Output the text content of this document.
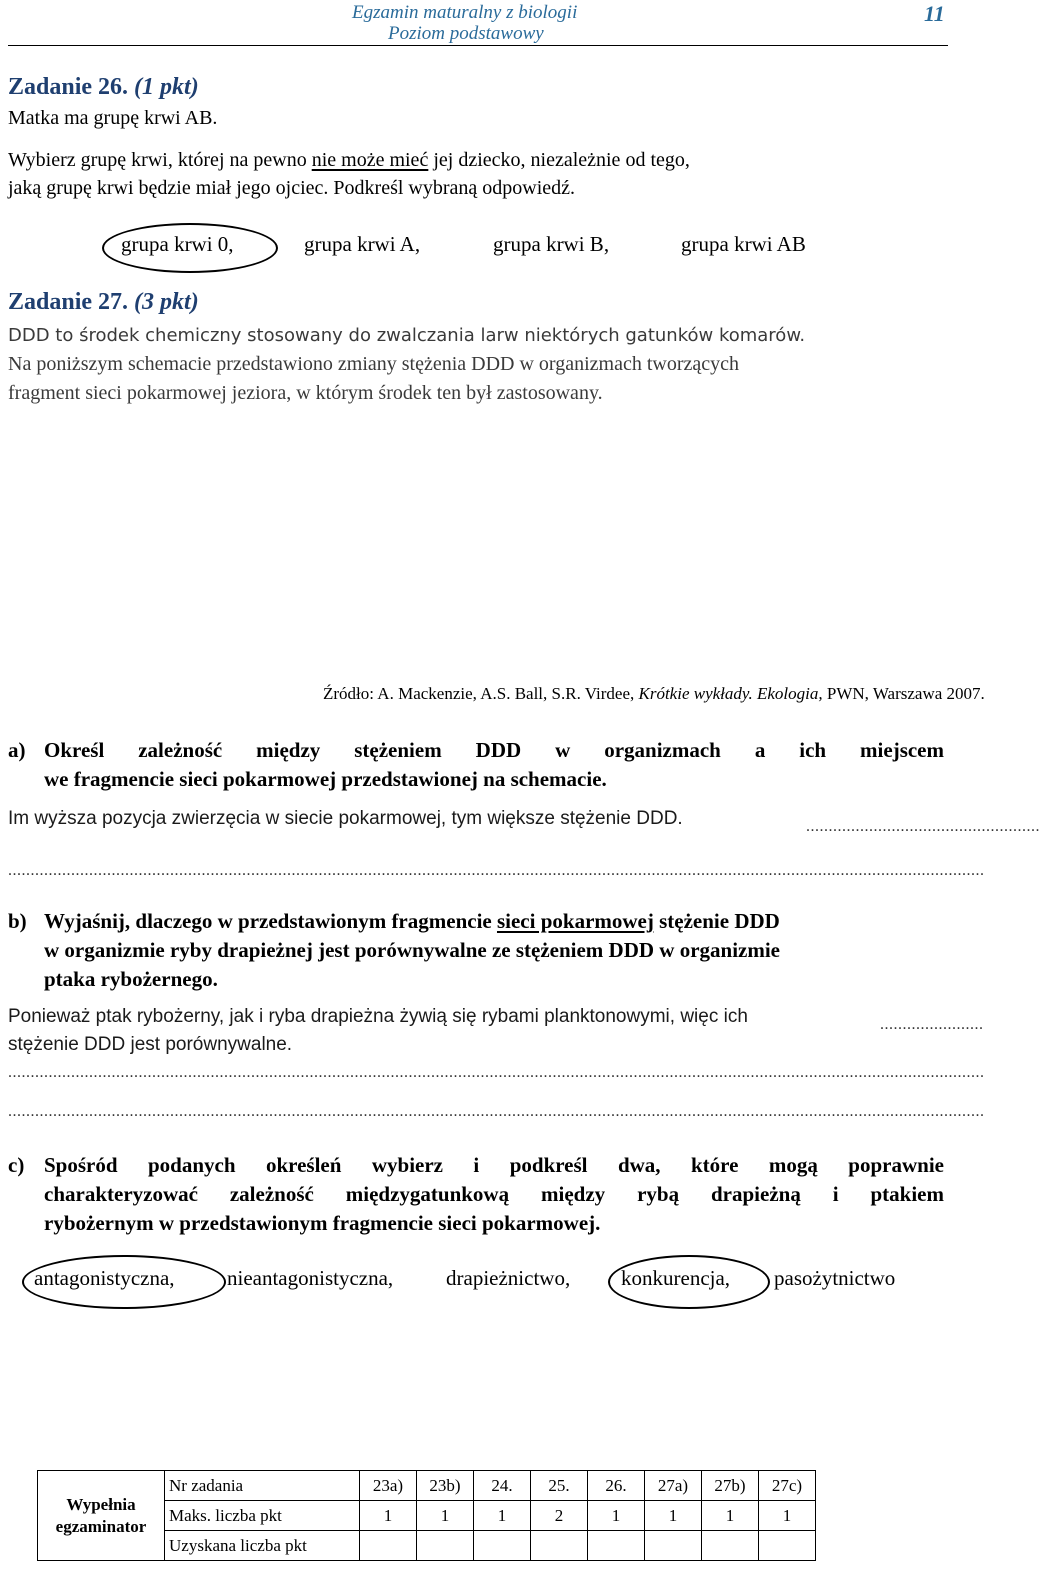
Egzamin maturalny z biologii
Poziom podstawowy
11
Zadanie 26. (1 pkt)
Matka ma grupę krwi AB.
Wybierz grupę krwi, której na pewno nie może mieć jej dziecko, niezależnie od tego,
jaką grupę krwi będzie miał jego ojciec. Podkreśl wybraną odpowiedź.
grupa krwi 0,	grupa krwi A,	grupa krwi B,	grupa krwi AB
Zadanie 27. (3 pkt)
DDD to środek chemiczny stosowany do zwalczania larw niektórych gatunków komarów.
Na poniższym schemacie przedstawiono zmiany stężenia DDD w organizmach tworzących
fragment sieci pokarmowej jeziora, w którym środek ten był zastosowany.
Źródło: A. Mackenzie, A.S. Ball, S.R. Virdee, Krótkie wykłady. Ekologia, PWN, Warszawa 2007.
a) Określ zależność między stężeniem DDD w organizmach a ich miejscem
we fragmencie sieci pokarmowej przedstawionej na schemacie.
Im wyższa pozycja zwierzęcia w siecie pokarmowej, tym większe stężenie DDD.	....................................................
.........................................................................................................................................................................................................................
b) Wyjaśnij, dlaczego w przedstawionym fragmencie sieci pokarmowej stężenie DDD
w organizmie ryby drapieżnej jest porównywalne ze stężeniem DDD w organizmie
ptaka rybożernego.
Ponieważ ptak rybożerny, jak i ryba drapieżna żywią się rybami planktonowymi, więc ich	.......................
stężenie DDD jest porównywalne.
.........................................................................................................................................................................................................................
.........................................................................................................................................................................................................................
c) Spośród podanych określeń wybierz i podkreśl dwa, które mogą poprawnie
charakteryzować zależność międzygatunkową między rybą drapieżną i ptakiem
rybożernym w przedstawionym fragmencie sieci pokarmowej.
antagonistyczna, nieantagonistyczna,	drapieżnictwo, konkurencja, pasożytnictwo
Wypełnia
egzaminator	Nr zadania	23a)	23b)	24.	25.	26.	27a)	27b)	27c)
	Maks. liczba pkt	1	1	1	2	1	1	1	1
	Uzyskana liczba pkt								
